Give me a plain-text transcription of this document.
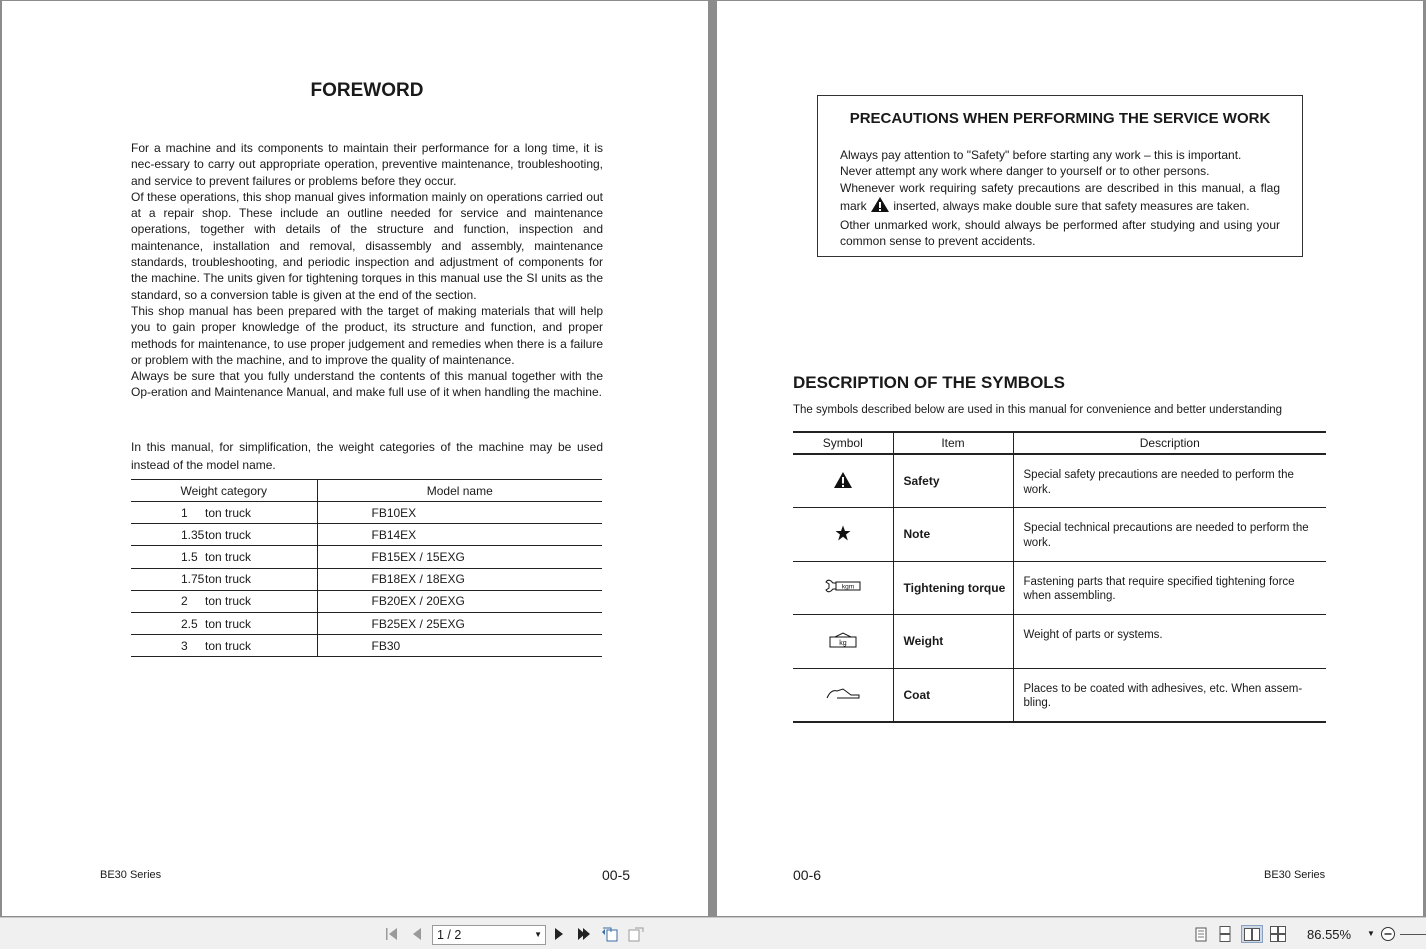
FOREWORD

For a machine and its components to maintain their performance for a long time, it is nec-essary to carry out appropriate operation, preventive maintenance, troubleshooting, and service to prevent failures or problems before they occur.

Of these operations, this shop manual gives information mainly on operations carried out at a repair shop. These include an outline needed for service and maintenance operations, together with details of the structure and function, inspection and maintenance, installation and removal, disassembly and assembly, maintenance standards, troubleshooting, and periodic inspection and adjustment of components for the machine. The units given for tightening torques in this manual use the SI units as the standard, so a conversion table is given at the end of the section.

This shop manual has been prepared with the target of making materials that will help you to gain proper knowledge of the product, its structure and function, and proper methods for maintenance, to use proper judgement and remedies when there is a failure or problem with the machine, and to improve the quality of maintenance.

Always be sure that you fully understand the contents of this manual together with the Op-eration and Maintenance Manual, and make full use of it when handling the machine.

In this manual, for simplification, the weight categories of the machine may be used instead of the model name.
Weight category	Model name
1 ton truck	FB10EX
1.35ton truck	FB14EX
1.5 ton truck	FB15EX / 15EXG
1.75ton truck	FB18EX / 18EXG
2 ton truck	FB20EX / 20EXG
2.5 ton truck	FB25EX / 25EXG
3 ton truck	FB30
BE30 Series	00-5
PRECAUTIONS WHEN PERFORMING THE SERVICE WORK
Always pay attention to "Safety" before starting any work – this is important.
Never attempt any work where danger to yourself or to other persons.
Whenever work requiring safety precautions are described in this manual, a flag mark inserted, always make double sure that safety measures are taken.
Other unmarked work, should always be performed after studying and using your common sense to prevent accidents.
DESCRIPTION OF THE SYMBOLS
The symbols described below are used in this manual for convenience and better understanding
Symbol	Item	Description
	Safety	Special safety precautions are needed to perform the work.
	Note	Special technical precautions are needed to perform the work.

kgm	Tightening torque	Fastening parts that require specified tightening force when assembling.

kg	Weight	Weight of parts or systems.
	Coat	Places to be coated with adhesives, etc. When assem-bling.
00-6	BE30 Series
1 / 2	▼	86.55% ▼
